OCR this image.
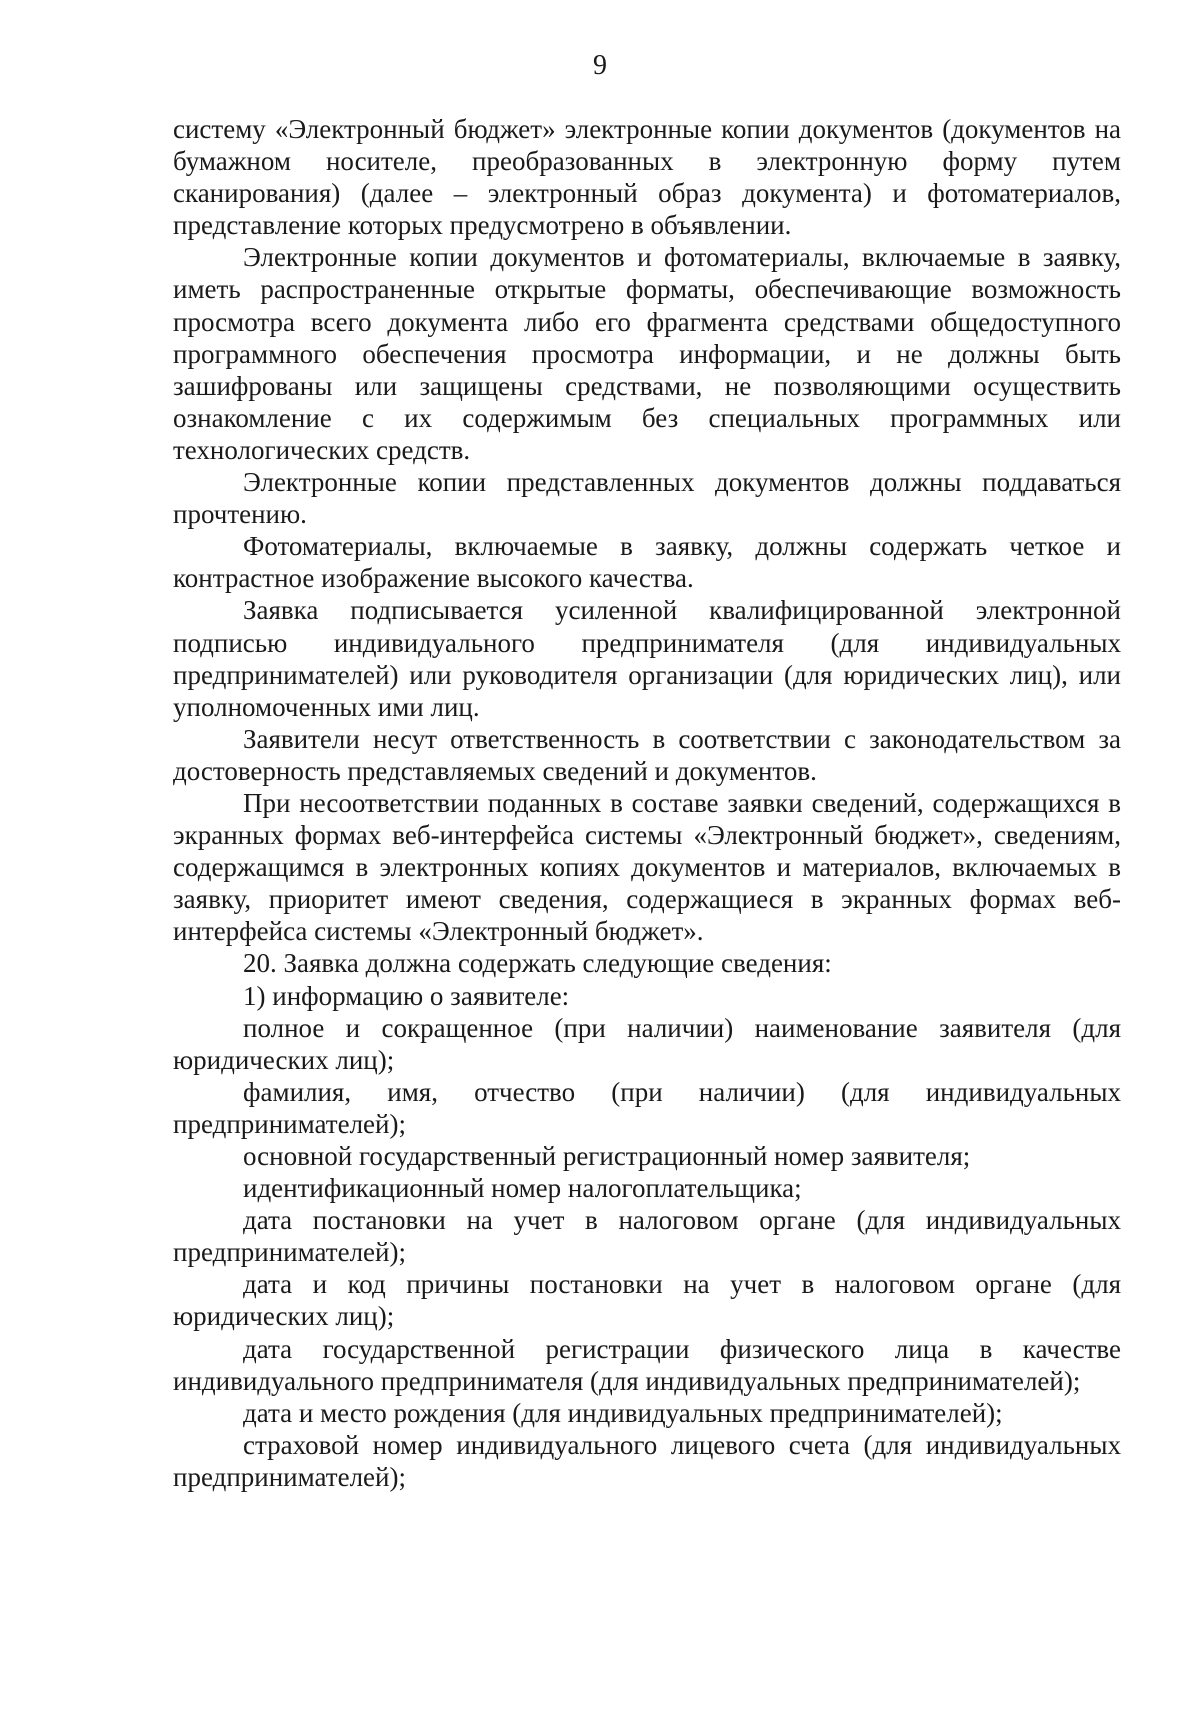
9

систему «Электронный бюджет» электронные копии документов (документов на бумажном носителе, преобразованных в электронную форму путем сканирования) (далее – электронный образ документа) и фотоматериалов, представление которых предусмотрено в объявлении.

Электронные копии документов и фотоматериалы, включаемые в заявку, иметь распространенные открытые форматы, обеспечивающие возможность просмотра всего документа либо его фрагмента средствами общедоступного программного обеспечения просмотра информации, и не должны быть зашифрованы или защищены средствами, не позволяющими осуществить ознакомление с их содержимым без специальных программных или технологических средств.

Электронные копии представленных документов должны поддаваться прочтению.

Фотоматериалы, включаемые в заявку, должны содержать четкое и контрастное изображение высокого качества.

Заявка подписывается усиленной квалифицированной электронной подписью индивидуального предпринимателя (для индивидуальных предпринимателей) или руководителя организации (для юридических лиц), или уполномоченных ими лиц.

Заявители несут ответственность в соответствии с законодательством за достоверность представляемых сведений и документов.

При несоответствии поданных в составе заявки сведений, содержащихся в экранных формах веб-интерфейса системы «Электронный бюджет», сведениям, содержащимся в электронных копиях документов и материалов, включаемых в заявку, приоритет имеют сведения, содержащиеся в экранных формах веб-интерфейса системы «Электронный бюджет».

20. Заявка должна содержать следующие сведения:

1) информацию о заявителе:

полное и сокращенное (при наличии) наименование заявителя (для юридических лиц);

фамилия, имя, отчество (при наличии) (для индивидуальных предпринимателей);

основной государственный регистрационный номер заявителя;

идентификационный номер налогоплательщика;

дата постановки на учет в налоговом органе (для индивидуальных предпринимателей);

дата и код причины постановки на учет в налоговом органе (для юридических лиц);

дата государственной регистрации физического лица в качестве индивидуального предпринимателя (для индивидуальных предпринимателей);

дата и место рождения (для индивидуальных предпринимателей);

страховой номер индивидуального лицевого счета (для индивидуальных предпринимателей);
